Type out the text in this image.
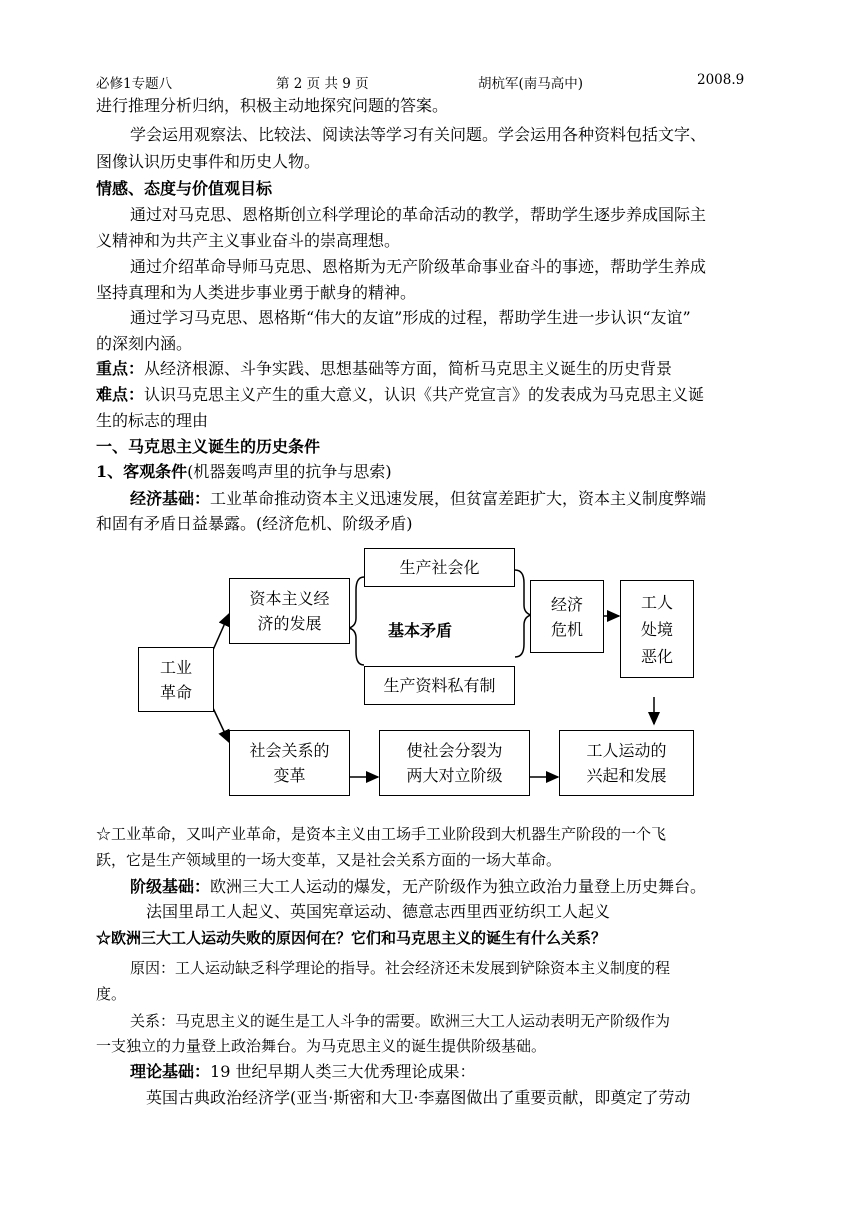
必修1专题八	第 2 页 共 9 页	胡杭军(南马高中)	2008.9
进行推理分析归纳，积极主动地探究问题的答案。
学会运用观察法、比较法、阅读法等学习有关问题。学会运用各种资料包括文字、
图像认识历史事件和历史人物。
情感、态度与价值观目标
通过对马克思、恩格斯创立科学理论的革命活动的教学，帮助学生逐步养成国际主
义精神和为共产主义事业奋斗的崇高理想。
通过介绍革命导师马克思、恩格斯为无产阶级革命事业奋斗的事迹，帮助学生养成
坚持真理和为人类进步事业勇于献身的精神。
通过学习马克思、恩格斯“伟大的友谊”形成的过程，帮助学生进一步认识“友谊”
的深刻内涵。
重点：从经济根源、斗争实践、思想基础等方面，简析马克思主义诞生的历史背景
难点：认识马克思主义产生的重大意义，认识《共产党宣言》的发表成为马克思主义诞
生的标志的理由
一、马克思主义诞生的历史条件
1、客观条件(机器轰鸣声里的抗争与思索)
经济基础：工业革命推动资本主义迅速发展，但贫富差距扩大，资本主义制度弊端
和固有矛盾日益暴露。(经济危机、阶级矛盾)
工业
革命
资本主义经
济的发展
生产社会化
基本矛盾
生产资料私有制
经济
危机
工人
处境
恶化
社会关系的
变革
使社会分裂为
两大对立阶级
工人运动的
兴起和发展
☆工业革命，又叫产业革命，是资本主义由工场手工业阶段到大机器生产阶段的一个飞
跃，它是生产领域里的一场大变革，又是社会关系方面的一场大革命。
阶级基础：欧洲三大工人运动的爆发，无产阶级作为独立政治力量登上历史舞台。
法国里昂工人起义、英国宪章运动、德意志西里西亚纺织工人起义
☆欧洲三大工人运动失败的原因何在？它们和马克思主义的诞生有什么关系？
原因：工人运动缺乏科学理论的指导。社会经济还未发展到铲除资本主义制度的程
度。
关系：马克思主义的诞生是工人斗争的需要。欧洲三大工人运动表明无产阶级作为
一支独立的力量登上政治舞台。为马克思主义的诞生提供阶级基础。
理论基础：19 世纪早期人类三大优秀理论成果：
英国古典政治经济学(亚当·斯密和大卫·李嘉图做出了重要贡献，即奠定了劳动
